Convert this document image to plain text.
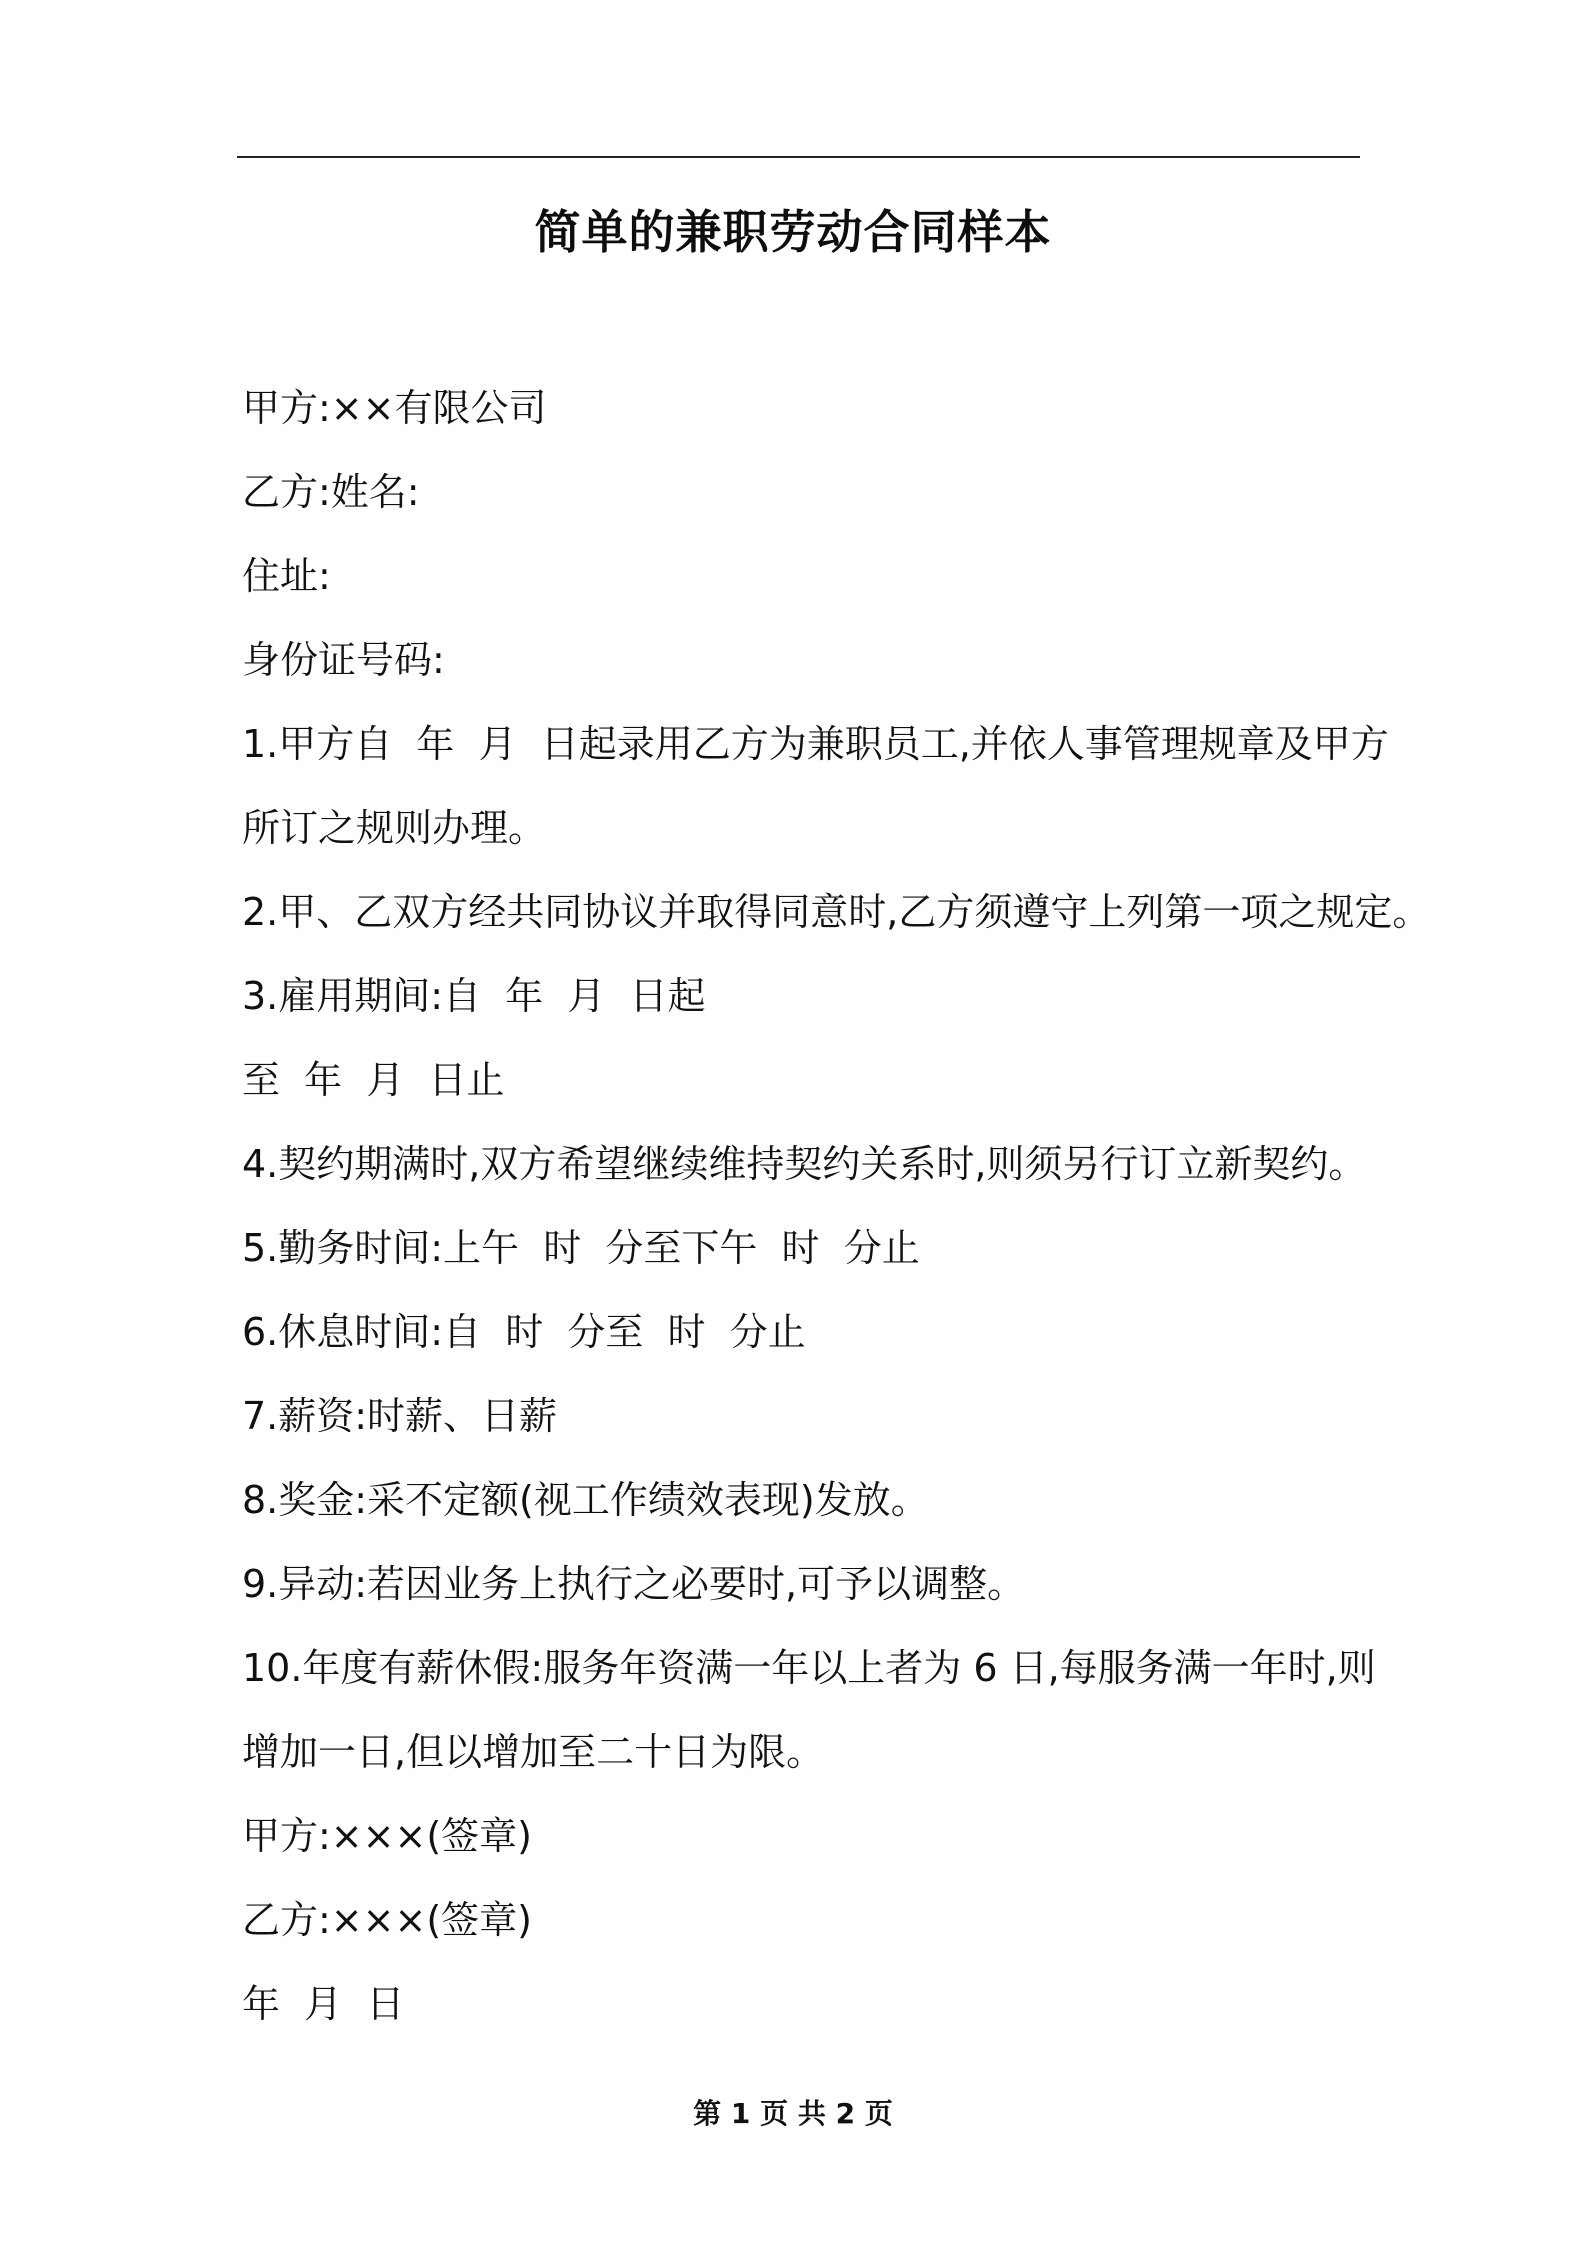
简单的兼职劳动合同样本
甲方:××有限公司
乙方:姓名:
住址:
身份证号码:
1.甲方自  年  月  日起录用乙方为兼职员工,并依人事管理规章及甲方
所订之规则办理。
2.甲、乙双方经共同协议并取得同意时,乙方须遵守上列第一项之规定。
3.雇用期间:自  年  月  日起
至  年  月  日止
4.契约期满时,双方希望继续维持契约关系时,则须另行订立新契约。
5.勤务时间:上午  时  分至下午  时  分止
6.休息时间:自  时  分至  时  分止
7.薪资:时薪、日薪
8.奖金:采不定额(视工作绩效表现)发放。
9.异动:若因业务上执行之必要时,可予以调整。
10.年度有薪休假:服务年资满一年以上者为 6 日,每服务满一年时,则
增加一日,但以增加至二十日为限。
甲方:×××(签章)
乙方:×××(签章)
年  月  日
第 1 页 共 2 页
